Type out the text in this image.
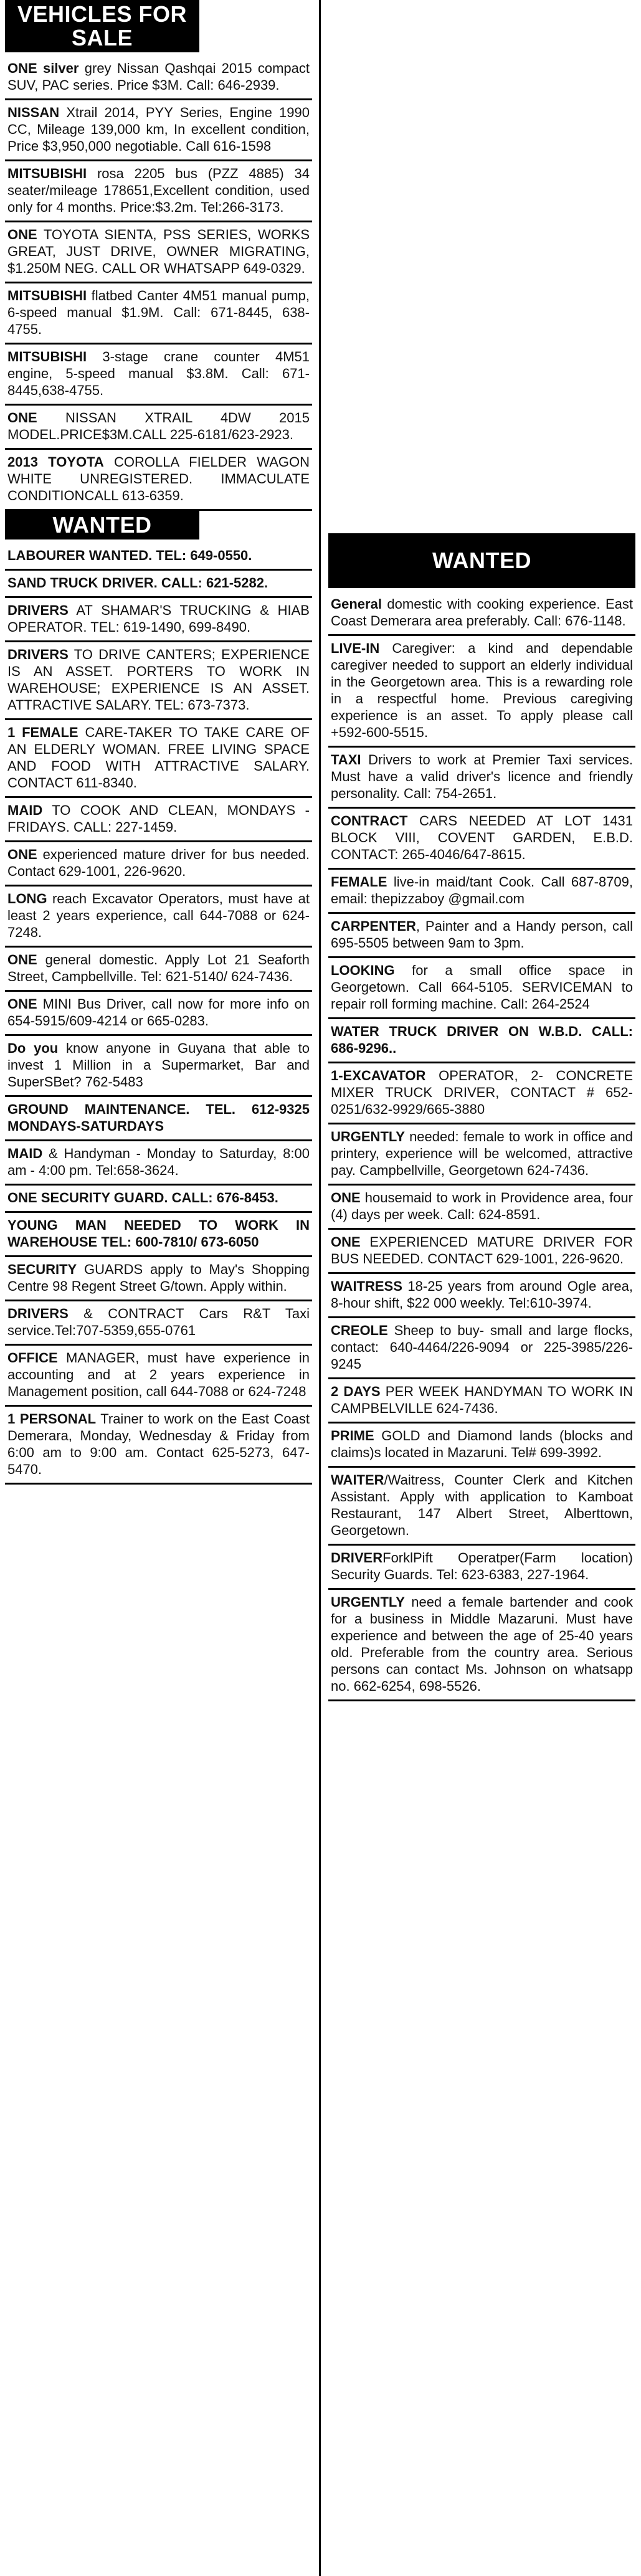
VEHICLES FOR SALE
ONE silver grey Nissan Qashqai 2015 compact SUV, PAC series. Price $3M. Call: 646-2939.
NISSAN Xtrail 2014, PYY Series, Engine 1990 CC, Mileage 139,000 km, In excellent condition, Price $3,950,000 negotiable. Call 616-1598
MITSUBISHI rosa 2205 bus (PZZ 4885) 34 seater/mileage 178651,Excellent condition, used only for 4 months. Price:$3.2m. Tel:266-3173.
ONE TOYOTA SIENTA, PSS SERIES, WORKS GREAT, JUST DRIVE, OWNER MIGRATING, $1.250M NEG. CALL OR WHATSAPP 649-0329.
MITSUBISHI flatbed Canter 4M51 manual pump, 6-speed manual $1.9M. Call: 671-8445, 638-4755.
MITSUBISHI 3-stage crane counter 4M51 engine, 5-speed manual $3.8M. Call: 671-8445,638-4755.
ONE NISSAN XTRAIL 4DW 2015 MODEL.PRICE$3M.CALL 225-6181/623-2923.
2013 TOYOTA COROLLA FIELDER WAGON WHITE UNREGISTERED. IMMACULATE CONDITIONCALL 613-6359.
WANTED
LABOURER WANTED. TEL: 649-0550.
SAND TRUCK DRIVER. CALL: 621-5282.
DRIVERS AT SHAMAR'S TRUCKING & HIAB OPERATOR. TEL: 619-1490, 699-8490.
DRIVERS TO DRIVE CANTERS; EXPERIENCE IS AN ASSET. PORTERS TO WORK IN WAREHOUSE; EXPERIENCE IS AN ASSET. ATTRACTIVE SALARY. TEL: 673-7373.
1 FEMALE CARE-TAKER TO TAKE CARE OF AN ELDERLY WOMAN. FREE LIVING SPACE AND FOOD WITH ATTRACTIVE SALARY. CONTACT 611-8340.
MAID TO COOK AND CLEAN, MONDAYS - FRIDAYS. CALL: 227-1459.
ONE experienced mature driver for bus needed. Contact 629-1001, 226-9620.
LONG reach Excavator Operators, must have at least 2 years experience, call 644-7088 or 624-7248.
ONE general domestic. Apply Lot 21 Seaforth Street, Campbellville. Tel: 621-5140/ 624-7436.
ONE MINI Bus Driver, call now for more info on 654-5915/609-4214 or 665-0283.
Do you know anyone in Guyana that able to invest 1 Million in a Supermarket, Bar and SuperSBet? 762-5483
GROUND MAINTENANCE. TEL. 612-9325 MONDAYS-SATURDAYS
MAID & Handyman - Monday to Saturday, 8:00 am - 4:00 pm. Tel:658-3624.
ONE SECURITY GUARD. CALL: 676-8453.
YOUNG MAN NEEDED TO WORK IN WAREHOUSE TEL: 600-7810/ 673-6050
SECURITY GUARDS apply to May's Shopping Centre 98 Regent Street G/town. Apply within.
DRIVERS & CONTRACT Cars R&T Taxi service.Tel:707-5359,655-0761
OFFICE MANAGER, must have experience in accounting and at 2 years experience in Management position, call 644-7088 or 624-7248
1 PERSONAL Trainer to work on the East Coast Demerara, Monday, Wednesday & Friday from 6:00 am to 9:00 am. Contact 625-5273, 647-5470.
WANTED
General domestic with cooking experience. East Coast Demerara area preferably. Call: 676-1148.
LIVE-IN Caregiver: a kind and dependable caregiver needed to support an elderly individual in the Georgetown area. This is a rewarding role in a respectful home. Previous caregiving experience is an asset. To apply please call +592-600-5515.
TAXI Drivers to work at Premier Taxi services. Must have a valid driver's licence and friendly personality. Call: 754-2651.
CONTRACT CARS NEEDED AT LOT 1431 BLOCK VIII, COVENT GARDEN, E.B.D. CONTACT: 265-4046/647-8615.
FEMALE live-in maid/tant Cook. Call 687-8709, email: thepizzaboy @gmail.com
CARPENTER, Painter and a Handy person, call 695-5505 between 9am to 3pm.
LOOKING for a small office space in Georgetown. Call 664-5105. SERVICEMAN to repair roll forming machine. Call: 264-2524
WATER TRUCK DRIVER ON W.B.D. CALL: 686-9296..
1-EXCAVATOR OPERATOR, 2- CONCRETE MIXER TRUCK DRIVER, CONTACT # 652-0251/632-9929/665-3880
URGENTLY needed: female to work in office and printery, experience will be welcomed, attractive pay. Campbellville, Georgetown 624-7436.
ONE housemaid to work in Providence area, four (4) days per week. Call: 624-8591.
ONE EXPERIENCED MATURE DRIVER FOR BUS NEEDED. CONTACT 629-1001, 226-9620.
WAITRESS 18-25 years from around Ogle area, 8-hour shift, $22 000 weekly. Tel:610-3974.
CREOLE Sheep to buy- small and large flocks, contact: 640-4464/226-9094 or 225-3985/226-9245
2 DAYS PER WEEK HANDYMAN TO WORK IN CAMPBELVILLE 624-7436.
PRIME GOLD and Diamond lands (blocks and claims)s located in Mazaruni. Tel# 699-3992.
WAITER/Waitress, Counter Clerk and Kitchen Assistant. Apply with application to Kamboat Restaurant, 147 Albert Street, Alberttown, Georgetown.
DRIVERForklPift Operatper(Farm location) Security Guards. Tel: 623-6383, 227-1964.
URGENTLY need a female bartender and cook for a business in Middle Mazaruni. Must have experience and between the age of 25-40 years old. Preferable from the country area. Serious persons can contact Ms. Johnson on whatsapp no. 662-6254, 698-5526.
